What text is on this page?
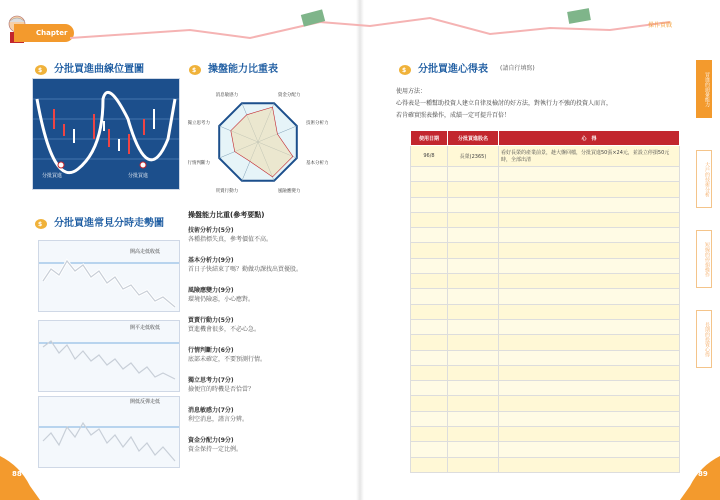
Chapter 3
$ 分批買進曲線位置圖
分批買進	分批買進
$ 分批買進常見分時走勢圖
開高走低收低
開平走低收低
開低反彈走低
$ 操盤能力比重表
消息敏感力	資金分配力
技術分析力
基本分析力
風險應變力
買賣行動力
行情判斷力
獨立思考力
操盤能力比重(參考要點)
技術分析力(5分)
各種指標失真，參考價值不高。
基本分析力(9分)
首日子快結束了嗎？勤做功課找出買優股。
風險應變力(9分)
環境仍險惡，小心應對。
買賣行動力(5分)
買進機會很多，不必心急。
行情判斷力(6分)
底部未確定，不要預測行情。
獨立思考力(7分)
撿便宜的時機是否恰當？
消息敏感力(7分)
利空消息，謹言分辨。
資金分配力(9分)
資金保持一定比例。
88
操作實戰
$ 分批買進心得表 (請自行填寫)
使用方法：
心得表是一種幫助投資人建立自律及檢討的好方法，對執行力不強的投資人而言，
若肯確實照表操作，成績一定可提升百倍！
使用日期	分批買進股名	心　得
96/8	長榮(2365)	看好長榮的產業前景，趁大盤回檔，分批買進50張×24元，並設立停損50元時，全部出清

冒進的頭暈能力
大戶的技術分析
短線的停損操作
長期的投資心得
89
